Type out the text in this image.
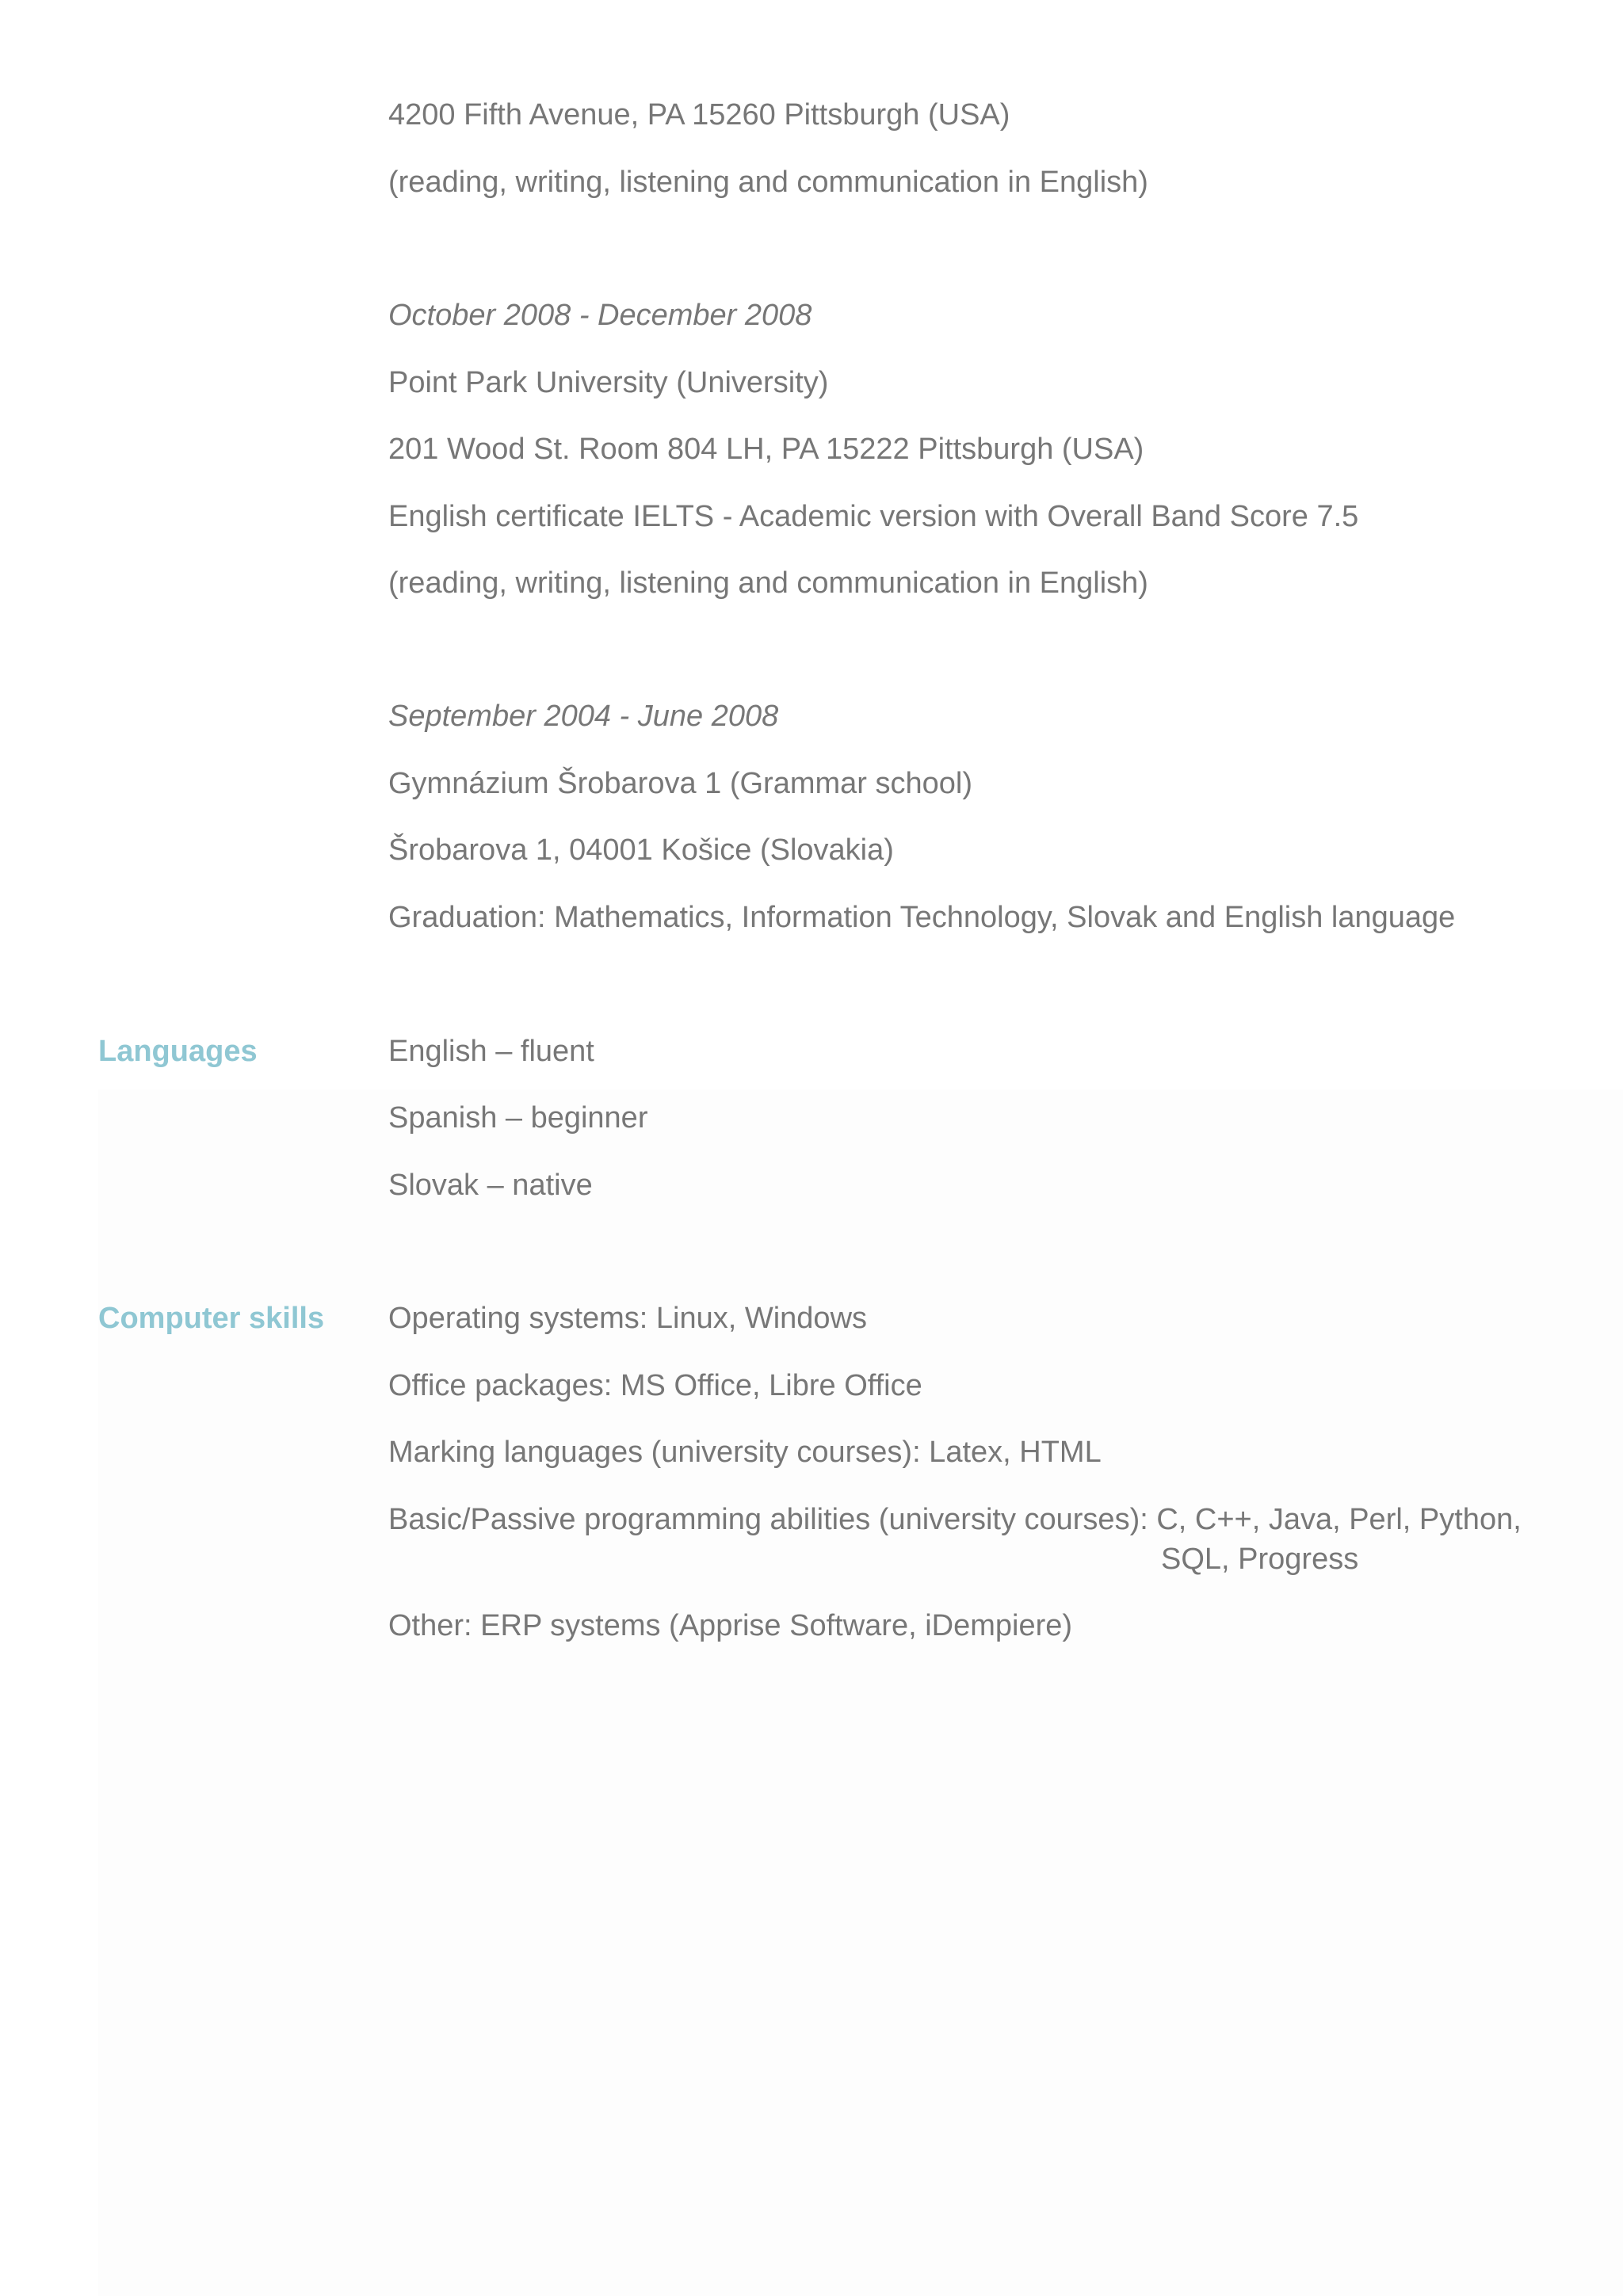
4200 Fifth Avenue, PA 15260 Pittsburgh (USA)
(reading, writing, listening and communication in English)
October 2008 - December 2008
Point Park University (University)
201 Wood St. Room 804 LH, PA 15222 Pittsburgh (USA)
English certificate IELTS - Academic version with Overall Band Score 7.5
(reading, writing, listening and communication in English)
September 2004 - June 2008
Gymnázium Šrobarova 1 (Grammar school)
Šrobarova 1, 04001 Košice (Slovakia)
Graduation: Mathematics, Information Technology, Slovak and English language
Languages	English – fluent
Spanish – beginner
Slovak – native
Computer skills Operating systems: Linux, Windows
Office packages: MS Office, Libre Office
Marking languages (university courses): Latex, HTML
Basic/Passive programming abilities (university courses): C, C++, Java, Perl, Python,
SQL, Progress
Other: ERP systems (Apprise Software, iDempiere)
